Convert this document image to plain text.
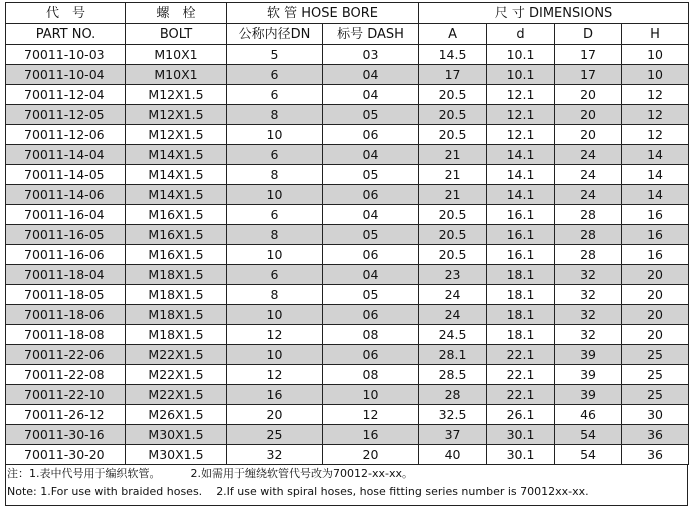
代　号	螺　栓	软 管 HOSE BORE		尺 寸 DIMENSIONS			
PART NO.	BOLT	公称内径DN	标号 DASH	A	d	D	H
70011-10-03	M10X1	5	03	14.5	10.1	17	10
70011-10-04	M10X1	6	04	17	10.1	17	10
70011-12-04	M12X1.5	6	04	20.5	12.1	20	12
70011-12-05	M12X1.5	8	05	20.5	12.1	20	12
70011-12-06	M12X1.5	10	06	20.5	12.1	20	12
70011-14-04	M14X1.5	6	04	21	14.1	24	14
70011-14-05	M14X1.5	8	05	21	14.1	24	14
70011-14-06	M14X1.5	10	06	21	14.1	24	14
70011-16-04	M16X1.5	6	04	20.5	16.1	28	16
70011-16-05	M16X1.5	8	05	20.5	16.1	28	16
70011-16-06	M16X1.5	10	06	20.5	16.1	28	16
70011-18-04	M18X1.5	6	04	23	18.1	32	20
70011-18-05	M18X1.5	8	05	24	18.1	32	20
70011-18-06	M18X1.5	10	06	24	18.1	32	20
70011-18-08	M18X1.5	12	08	24.5	18.1	32	20
70011-22-06	M22X1.5	10	06	28.1	22.1	39	25
70011-22-08	M22X1.5	12	08	28.5	22.1	39	25
70011-22-10	M22X1.5	16	10	28	22.1	39	25
70011-26-12	M26X1.5	20	12	32.5	26.1	46	30
70011-30-16	M30X1.5	25	16	37	30.1	54	36
70011-30-20	M30X1.5	32	20	40	30.1	54	36
注：1.表中代号用于编织软管。	2.如需用于缠绕软管代号改为70012-xx-xx。
Note: 1.For use with braided hoses. 2.If use with spiral hoses, hose fitting series number is 70012xx-xx.
